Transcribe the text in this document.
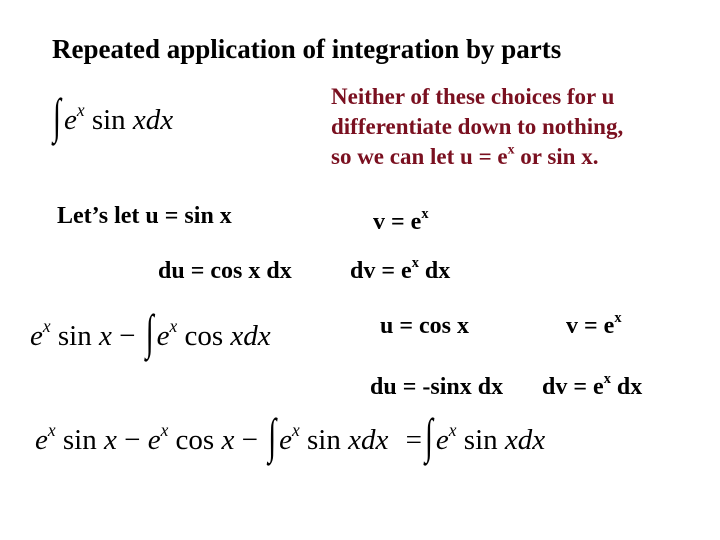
Repeated application of integration by parts
∫ $e^x$ sin xdx
Neither of these choices for u
differentiate down to nothing,
so we can let $u = e^x$ or sin x.
Let’s let u = sin x	$v = e^x$
du = cos x dx dv = $e^x$ dx
$e^x$ sin x − ∫ $e^x$ cos xdx	u = cos x	$v = e^x$
du = -sinx dx dv = $e^x$ dx
$e^x$ $\sin x - e^x$ cos x − ∫ $e^x$ sin xdx = ∫ $e^x$ sin xdx
